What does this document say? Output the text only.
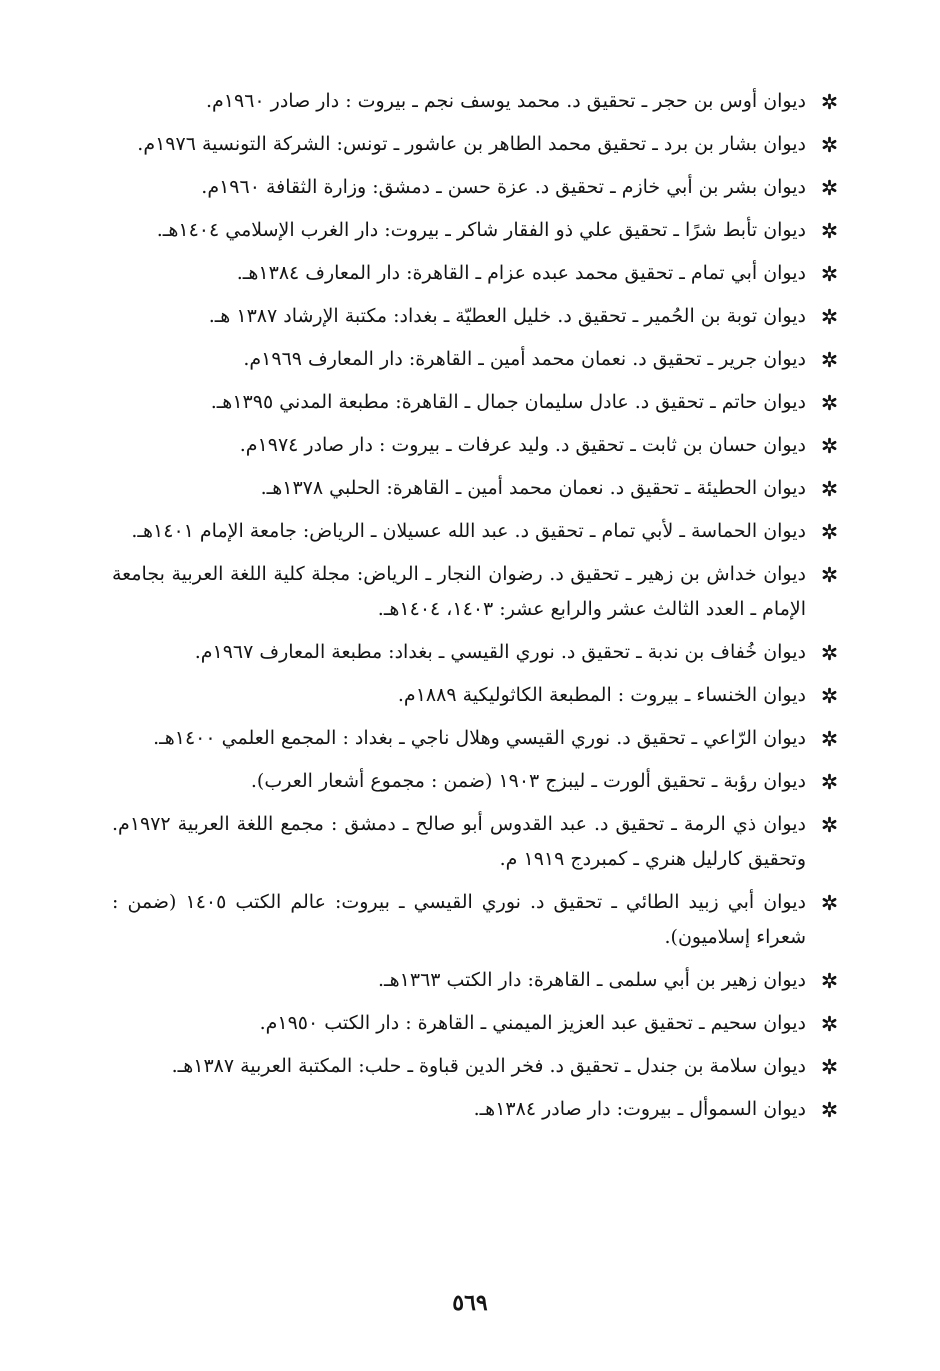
ديوان أوس بن حجر ـ تحقيق د. محمد يوسف نجم ـ بيروت : دار صادر ١٩٦٠م.
ديوان بشار بن برد ـ تحقيق محمد الطاهر بن عاشور ـ تونس: الشركة التونسية ١٩٧٦م.
ديوان بشر بن أبي خازم ـ تحقيق د. عزة حسن ـ دمشق: وزارة الثقافة ١٩٦٠م.
ديوان تأبط شرًا ـ تحقيق علي ذو الفقار شاكر ـ بيروت: دار الغرب الإسلامي ١٤٠٤هـ.
ديوان أبي تمام ـ تحقيق محمد عبده عزام ـ القاهرة: دار المعارف ١٣٨٤هـ.
ديوان توبة بن الحُمير ـ تحقيق د. خليل العطيّة ـ بغداد: مكتبة الإرشاد ١٣٨٧ هـ.
ديوان جرير ـ تحقيق د. نعمان محمد أمين ـ القاهرة: دار المعارف ١٩٦٩م.
ديوان حاتم ـ تحقيق د. عادل سليمان جمال ـ القاهرة: مطبعة المدني ١٣٩٥هـ.
ديوان حسان بن ثابت ـ تحقيق د. وليد عرفات ـ بيروت : دار صادر ١٩٧٤م.
ديوان الحطيئة ـ تحقيق د. نعمان محمد أمين ـ القاهرة: الحلبي ١٣٧٨هـ.
ديوان الحماسة ـ لأبي تمام ـ تحقيق د. عبد الله عسيلان ـ الرياض: جامعة الإمام ١٤٠١هـ.
ديوان خداش بن زهير ـ تحقيق د. رضوان النجار ـ الرياض: مجلة كلية اللغة العربية بجامعة الإمام ـ العدد الثالث عشر والرابع عشر: ١٤٠٣، ١٤٠٤هـ.
ديوان خُفاف بن ندبة ـ تحقيق د. نوري القيسي ـ بغداد: مطبعة المعارف ١٩٦٧م.
ديوان الخنساء ـ بيروت : المطبعة الكاثوليكية ١٨٨٩م.
ديوان الرّاعي ـ تحقيق د. نوري القيسي وهلال ناجي ـ بغداد : المجمع العلمي ١٤٠٠هـ.
ديوان رؤبة ـ تحقيق ألورت ـ ليبزج ١٩٠٣ (ضمن : مجموع أشعار العرب).
ديوان ذي الرمة ـ تحقيق د. عبد القدوس أبو صالح ـ دمشق : مجمع اللغة العربية ١٩٧٢م. وتحقيق كارليل هنري ـ كمبردج ١٩١٩ م.
ديوان أبي زبيد الطائي ـ تحقيق د. نوري القيسي ـ بيروت: عالم الكتب ١٤٠٥ (ضمن : شعراء إسلاميون).
ديوان زهير بن أبي سلمى ـ القاهرة: دار الكتب ١٣٦٣هـ.
ديوان سحيم ـ تحقيق عبد العزيز الميمني ـ القاهرة : دار الكتب ١٩٥٠م.
ديوان سلامة بن جندل ـ تحقيق د. فخر الدين قباوة ـ حلب: المكتبة العربية ١٣٨٧هـ.
ديوان السموأل ـ بيروت: دار صادر ١٣٨٤هـ.
٥٦٩
